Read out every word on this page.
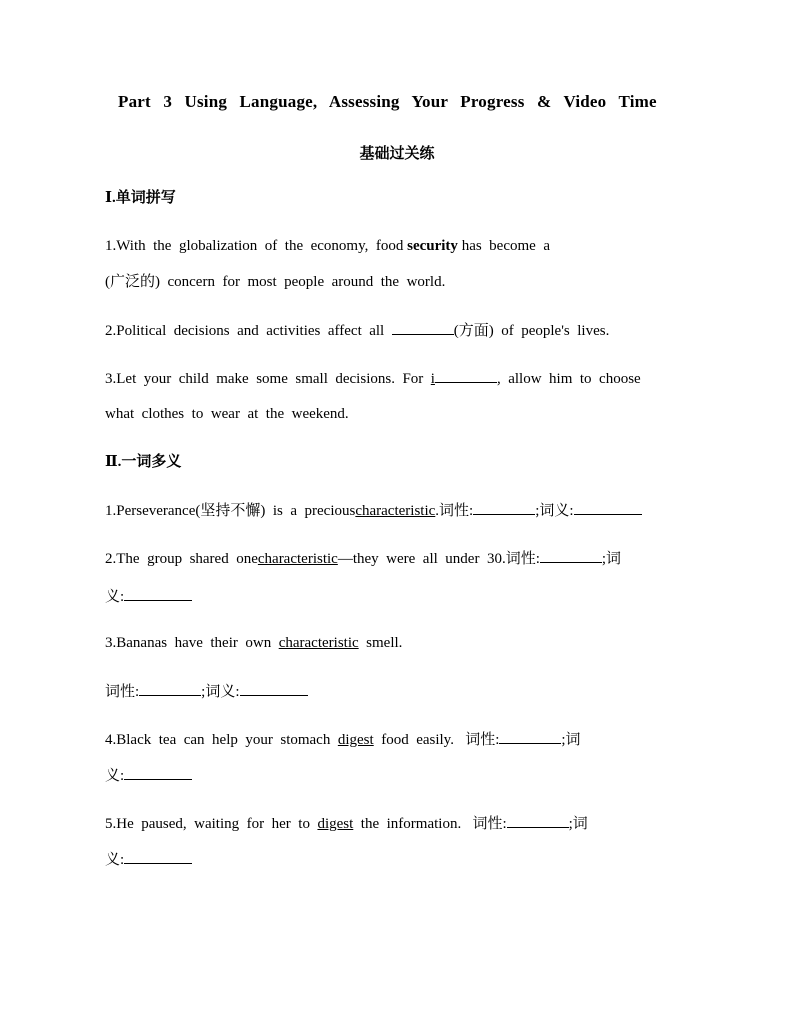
Part 3 Using Language, Assessing Your Progress & Video Time
基础过关练
Ⅰ.单词拼写
1.With  the  globalization  of  the  economy,  food security has  become  a
(广泛的)  concern  for  most  people  around  the  world.
2.Political  decisions  and  activities  affect  all	(方面)  of  people's  lives.
3.Let  your  child  make  some  small  decisions.  For  i	,  allow  him  to  choose
what  clothes  to  wear  at  the  weekend.
Ⅱ.一词多义
1.Perseverance(坚持不懈)  is  a  preciouscharacteristic.词性:	;词义:
2.The  group  shared  onecharacteristic—they  were  all  under  30.词性:	;词
义:
3.Bananas  have  their  own  characteristic  smell.
词性:	;词义:
4.Black  tea  can  help  your  stomach  digest  food  easily.   词性:	;词
义:
5.He  paused,  waiting  for  her  to  digest  the  information.   词性:	;词
义:
